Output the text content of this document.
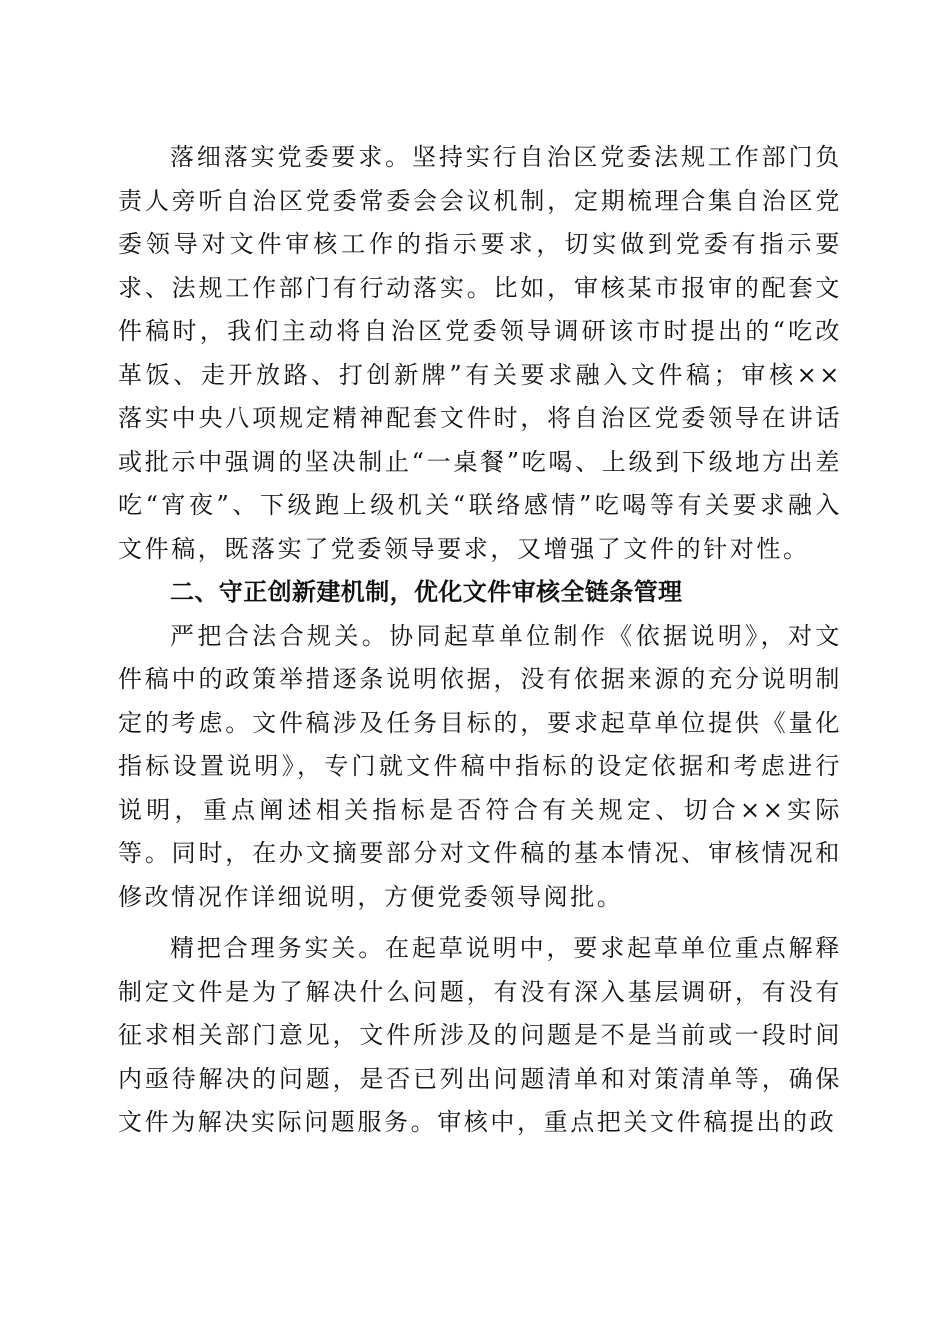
落细落实党委要求。坚持实行自治区党委法规工作部门负责人旁听自治区党委常委会会议机制，定期梳理合集自治区党委领导对文件审核工作的指示要求，切实做到党委有指示要求、法规工作部门有行动落实。比如，审核某市报审的配套文件稿时，我们主动将自治区党委领导调研该市时提出的“吃改革饭、走开放路、打创新牌”有关要求融入文件稿；审核××落实中央八项规定精神配套文件时，将自治区党委领导在讲话或批示中强调的坚决制止“一桌餐”吃喝、上级到下级地方出差吃“宵夜”、下级跑上级机关“联络感情”吃喝等有关要求融入文件稿，既落实了党委领导要求，又增强了文件的针对性。

二、守正创新建机制，优化文件审核全链条管理

严把合法合规关。协同起草单位制作《依据说明》，对文件稿中的政策举措逐条说明依据，没有依据来源的充分说明制定的考虑。文件稿涉及任务目标的，要求起草单位提供《量化指标设置说明》，专门就文件稿中指标的设定依据和考虑进行说明，重点阐述相关指标是否符合有关规定、切合××实际等。同时，在办文摘要部分对文件稿的基本情况、审核情况和修改情况作详细说明，方便党委领导阅批。

精把合理务实关。在起草说明中，要求起草单位重点解释制定文件是为了解决什么问题，有没有深入基层调研，有没有征求相关部门意见，文件所涉及的问题是不是当前或一段时间内亟待解决的问题，是否已列出问题清单和对策清单等，确保文件为解决实际问题服务。审核中，重点把关文件稿提出的政
